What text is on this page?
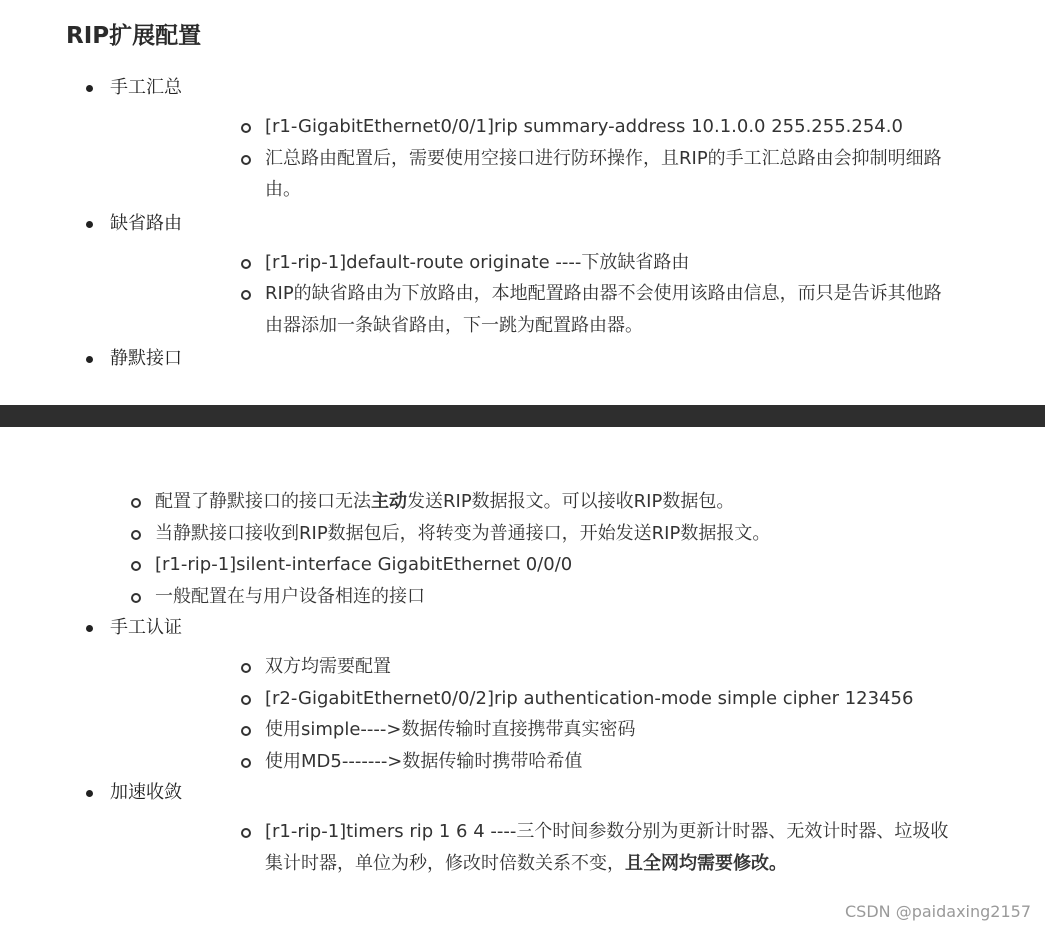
RIP扩展配置
手工汇总
[r1-GigabitEthernet0/0/1]rip summary-address 10.1.0.0 255.255.254.0
汇总路由配置后，需要使用空接口进行防环操作，且RIP的手工汇总路由会抑制明细路由。
缺省路由
[r1-rip-1]default-route originate ----下放缺省路由
RIP的缺省路由为下放路由，本地配置路由器不会使用该路由信息，而只是告诉其他路由器添加一条缺省路由，下一跳为配置路由器。
静默接口
配置了静默接口的接口无法主动发送RIP数据报文。可以接收RIP数据包。
当静默接口接收到RIP数据包后，将转变为普通接口，开始发送RIP数据报文。
[r1-rip-1]silent-interface GigabitEthernet 0/0/0
一般配置在与用户设备相连的接口
手工认证
双方均需要配置
[r2-GigabitEthernet0/0/2]rip authentication-mode simple cipher 123456
使用simple---->数据传输时直接携带真实密码
使用MD5------->数据传输时携带哈希值
加速收敛
[r1-rip-1]timers rip 1 6 4 ----三个时间参数分别为更新计时器、无效计时器、垃圾收集计时器，单位为秒，修改时倍数关系不变，且全网均需要修改。
CSDN @paidaxing2157
